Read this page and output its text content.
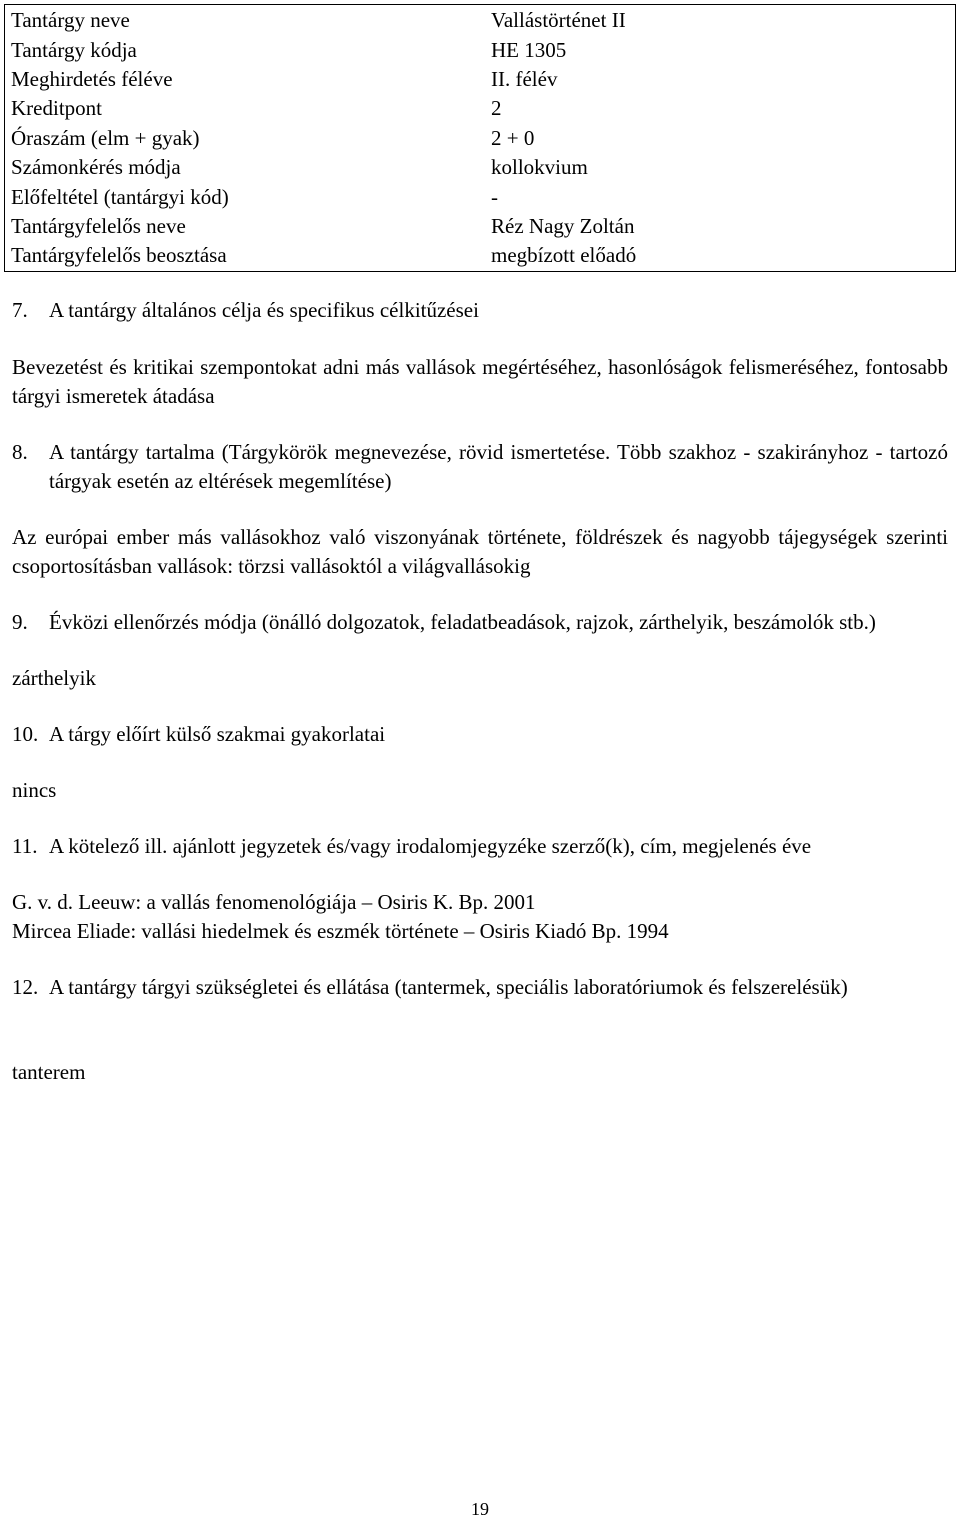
Tantárgy neve	Vallástörténet II
Tantárgy kódja	HE 1305
Meghirdetés féléve	II. félév
Kreditpont	2
Óraszám (elm + gyak)	2 + 0
Számonkérés módja	kollokvium
Előfeltétel (tantárgyi kód)	-
Tantárgyfelelős neve	Réz Nagy Zoltán
Tantárgyfelelős beosztása	megbízott előadó
7.	A tantárgy általános célja és specifikus célkitűzései

Bevezetést és kritikai szempontokat adni más vallások megértéséhez, hasonlóságok felismeréséhez, fontosabb tárgyi ismeretek átadása

8.	A tantárgy tartalma (Tárgykörök megnevezése, rövid ismertetése. Több szakhoz - szakirányhoz - tartozó tárgyak esetén az eltérések megemlítése)

Az európai ember más vallásokhoz való viszonyának története, földrészek és nagyobb tájegységek szerinti csoportosításban vallások: törzsi vallásoktól a világvallásokig

9.	Évközi ellenőrzés módja (önálló dolgozatok, feladatbeadások, rajzok, zárthelyik, beszámolók stb.)

zárthelyik

10. A tárgy előírt külső szakmai gyakorlatai

nincs

11. A kötelező ill. ajánlott jegyzetek és/vagy irodalomjegyzéke szerző(k), cím, megjelenés éve

G. v. d. Leeuw: a vallás fenomenológiája – Osiris K. Bp. 2001

Mircea Eliade: vallási hiedelmek és eszmék története – Osiris Kiadó Bp. 1994

12. A tantárgy tárgyi szükségletei és ellátása (tantermek, speciális laboratóriumok és felszerelésük)

tanterem

19
